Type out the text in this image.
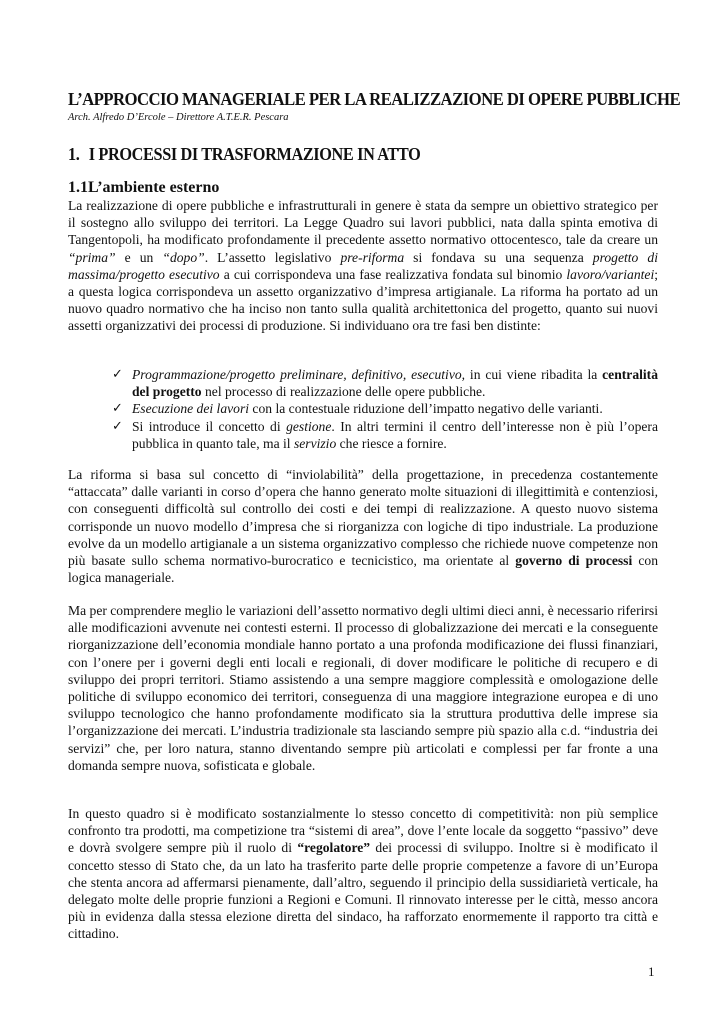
L’APPROCCIO MANAGERIALE PER LA REALIZZAZIONE DI OPERE PUBBLICHE
Arch. Alfredo D’Ercole – Direttore A.T.E.R. Pescara
1. I PROCESSI DI TRASFORMAZIONE IN ATTO
1.1L’ambiente esterno

La realizzazione di opere pubbliche e infrastrutturali in genere è stata da sempre un obiettivo strategico per il sostegno allo sviluppo dei territori. La Legge Quadro sui lavori pubblici, nata dalla spinta emotiva di Tangentopoli, ha modificato profondamente il precedente assetto normativo ottocentesco, tale da creare un “prima” e un “dopo”. L’assetto legislativo pre-riforma si fondava su una sequenza progetto di massima/progetto esecutivo a cui corrispondeva una fase realizzativa fondata sul binomio lavoro/variantei; a questa logica corrispondeva un assetto organizzativo d’impresa artigianale. La riforma ha portato ad un nuovo quadro normativo che ha inciso non tanto sulla qualità architettonica del progetto, quanto sui nuovi assetti organizzativi dei processi di produzione. Si individuano ora tre fasi ben distinte:

✓ Programmazione/progetto preliminare, definitivo, esecutivo, in cui viene ribadita la centralità del progetto nel processo di realizzazione delle opere pubbliche.
✓ Esecuzione dei lavori con la contestuale riduzione dell’impatto negativo delle varianti.
✓ Si introduce il concetto di gestione. In altri termini il centro dell’interesse non è più l’opera pubblica in quanto tale, ma il servizio che riesce a fornire.

La riforma si basa sul concetto di “inviolabilità” della progettazione, in precedenza costantemente “attaccata” dalle varianti in corso d’opera che hanno generato molte situazioni di illegittimità e contenziosi, con conseguenti difficoltà sul controllo dei costi e dei tempi di realizzazione. A questo nuovo sistema corrisponde un nuovo modello d’impresa che si riorganizza con logiche di tipo industriale. La produzione evolve da un modello artigianale a un sistema organizzativo complesso che richiede nuove competenze non più basate sullo schema normativo-burocratico e tecnicistico, ma orientate al governo di processi con logica manageriale.

Ma per comprendere meglio le variazioni dell’assetto normativo degli ultimi dieci anni, è necessario riferirsi alle modificazioni avvenute nei contesti esterni. Il processo di globalizzazione dei mercati e la conseguente riorganizzazione dell’economia mondiale hanno portato a una profonda modificazione dei flussi finanziari, con l’onere per i governi degli enti locali e regionali, di dover modificare le politiche di recupero e di sviluppo dei propri territori. Stiamo assistendo a una sempre maggiore complessità e omologazione delle politiche di sviluppo economico dei territori, conseguenza di una maggiore integrazione europea e di uno sviluppo tecnologico che hanno profondamente modificato sia la struttura produttiva delle imprese sia l’organizzazione dei mercati. L’industria tradizionale sta lasciando sempre più spazio alla c.d. “industria dei servizi” che, per loro natura, stanno diventando sempre più articolati e complessi per far fronte a una domanda sempre nuova, sofisticata e globale.

In questo quadro si è modificato sostanzialmente lo stesso concetto di competitività: non più semplice confronto tra prodotti, ma competizione tra “sistemi di area”, dove l’ente locale da soggetto “passivo” deve e dovrà svolgere sempre più il ruolo di “regolatore” dei processi di sviluppo. Inoltre si è modificato il concetto stesso di Stato che, da un lato ha trasferito parte delle proprie competenze a favore di un’Europa che stenta ancora ad affermarsi pienamente, dall’altro, seguendo il principio della sussidiarietà verticale, ha delegato molte delle proprie funzioni a Regioni e Comuni. Il rinnovato interesse per le città, messo ancora più in evidenza dalla stessa elezione diretta del sindaco, ha rafforzato enormemente il rapporto tra città e cittadino.

1
